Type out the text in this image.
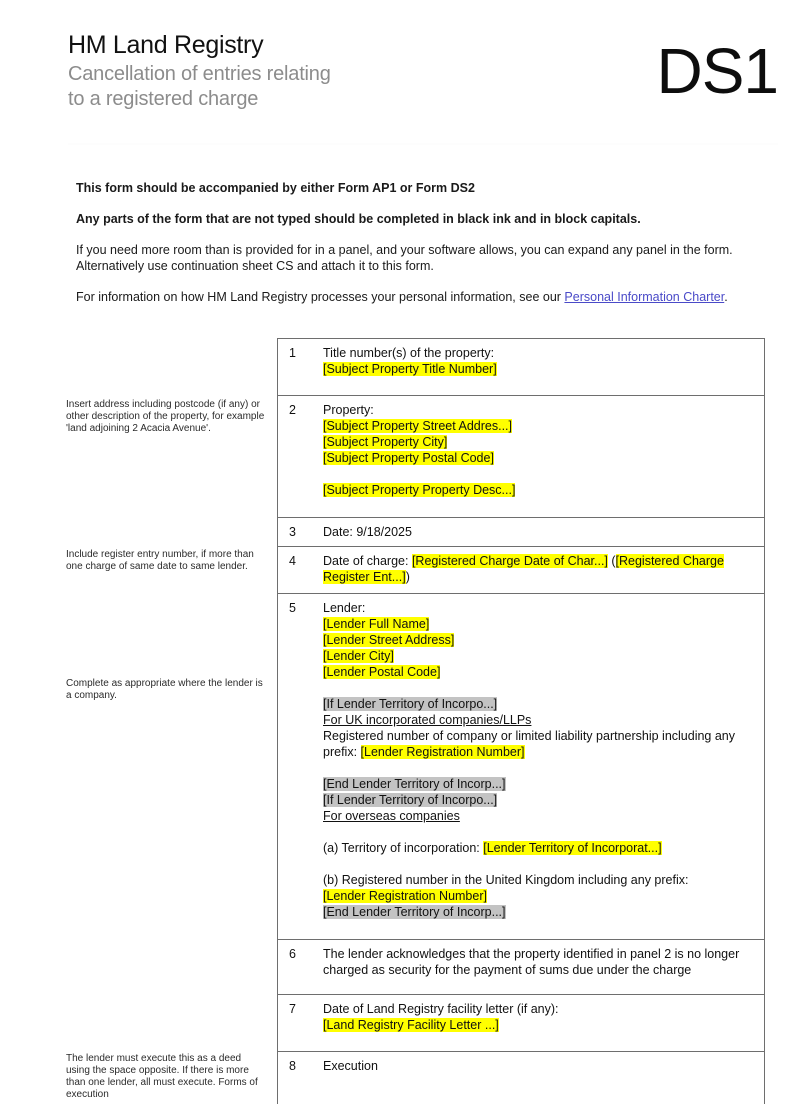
HM Land Registry
Cancellation of entries relating
to a registered charge	DS1

This form should be accompanied by either Form AP1 or Form DS2

Any parts of the form that are not typed should be completed in black ink and in block capitals.

If you need more room than is provided for in a panel, and your software allows, you can expand any panel in the form. Alternatively use continuation sheet CS and attach it to this form.

For information on how HM Land Registry processes your personal information, see our Personal Information Charter.

Insert address including postcode (if any) or other description of the property, for example 'land adjoining 2 Acacia Avenue'.
Include register entry number, if more than one charge of same date to same lender.
Complete as appropriate where the lender is a company.
The lender must execute this as a deed using the space opposite. If there is more than one lender, all must execute. Forms of execution
1	Title number(s) of the property:
[Subject Property Title Number]
2	Property:
[Subject Property Street Addres...]
[Subject Property City]
[Subject Property Postal Code]
[Subject Property Property Desc...]
3	Date: 9/18/2025
4	Date of charge: [Registered Charge Date of Char...] ([Registered Charge Register Ent...])
5	Lender:
[Lender Full Name]
[Lender Street Address]
[Lender City]
[Lender Postal Code]
[If Lender Territory of Incorpo...]
For UK incorporated companies/LLPs
Registered number of company or limited liability partnership including any prefix: [Lender Registration Number]
[End Lender Territory of Incorp...]
[If Lender Territory of Incorpo...]
For overseas companies
(a) Territory of incorporation: [Lender Territory of Incorporat...]
(b) Registered number in the United Kingdom including any prefix:
[Lender Registration Number]
[End Lender Territory of Incorp...]
6	The lender acknowledges that the property identified in panel 2 is no longer charged as security for the payment of sums due under the charge
7	Date of Land Registry facility letter (if any):
[Land Registry Facility Letter ...]
8	Execution
